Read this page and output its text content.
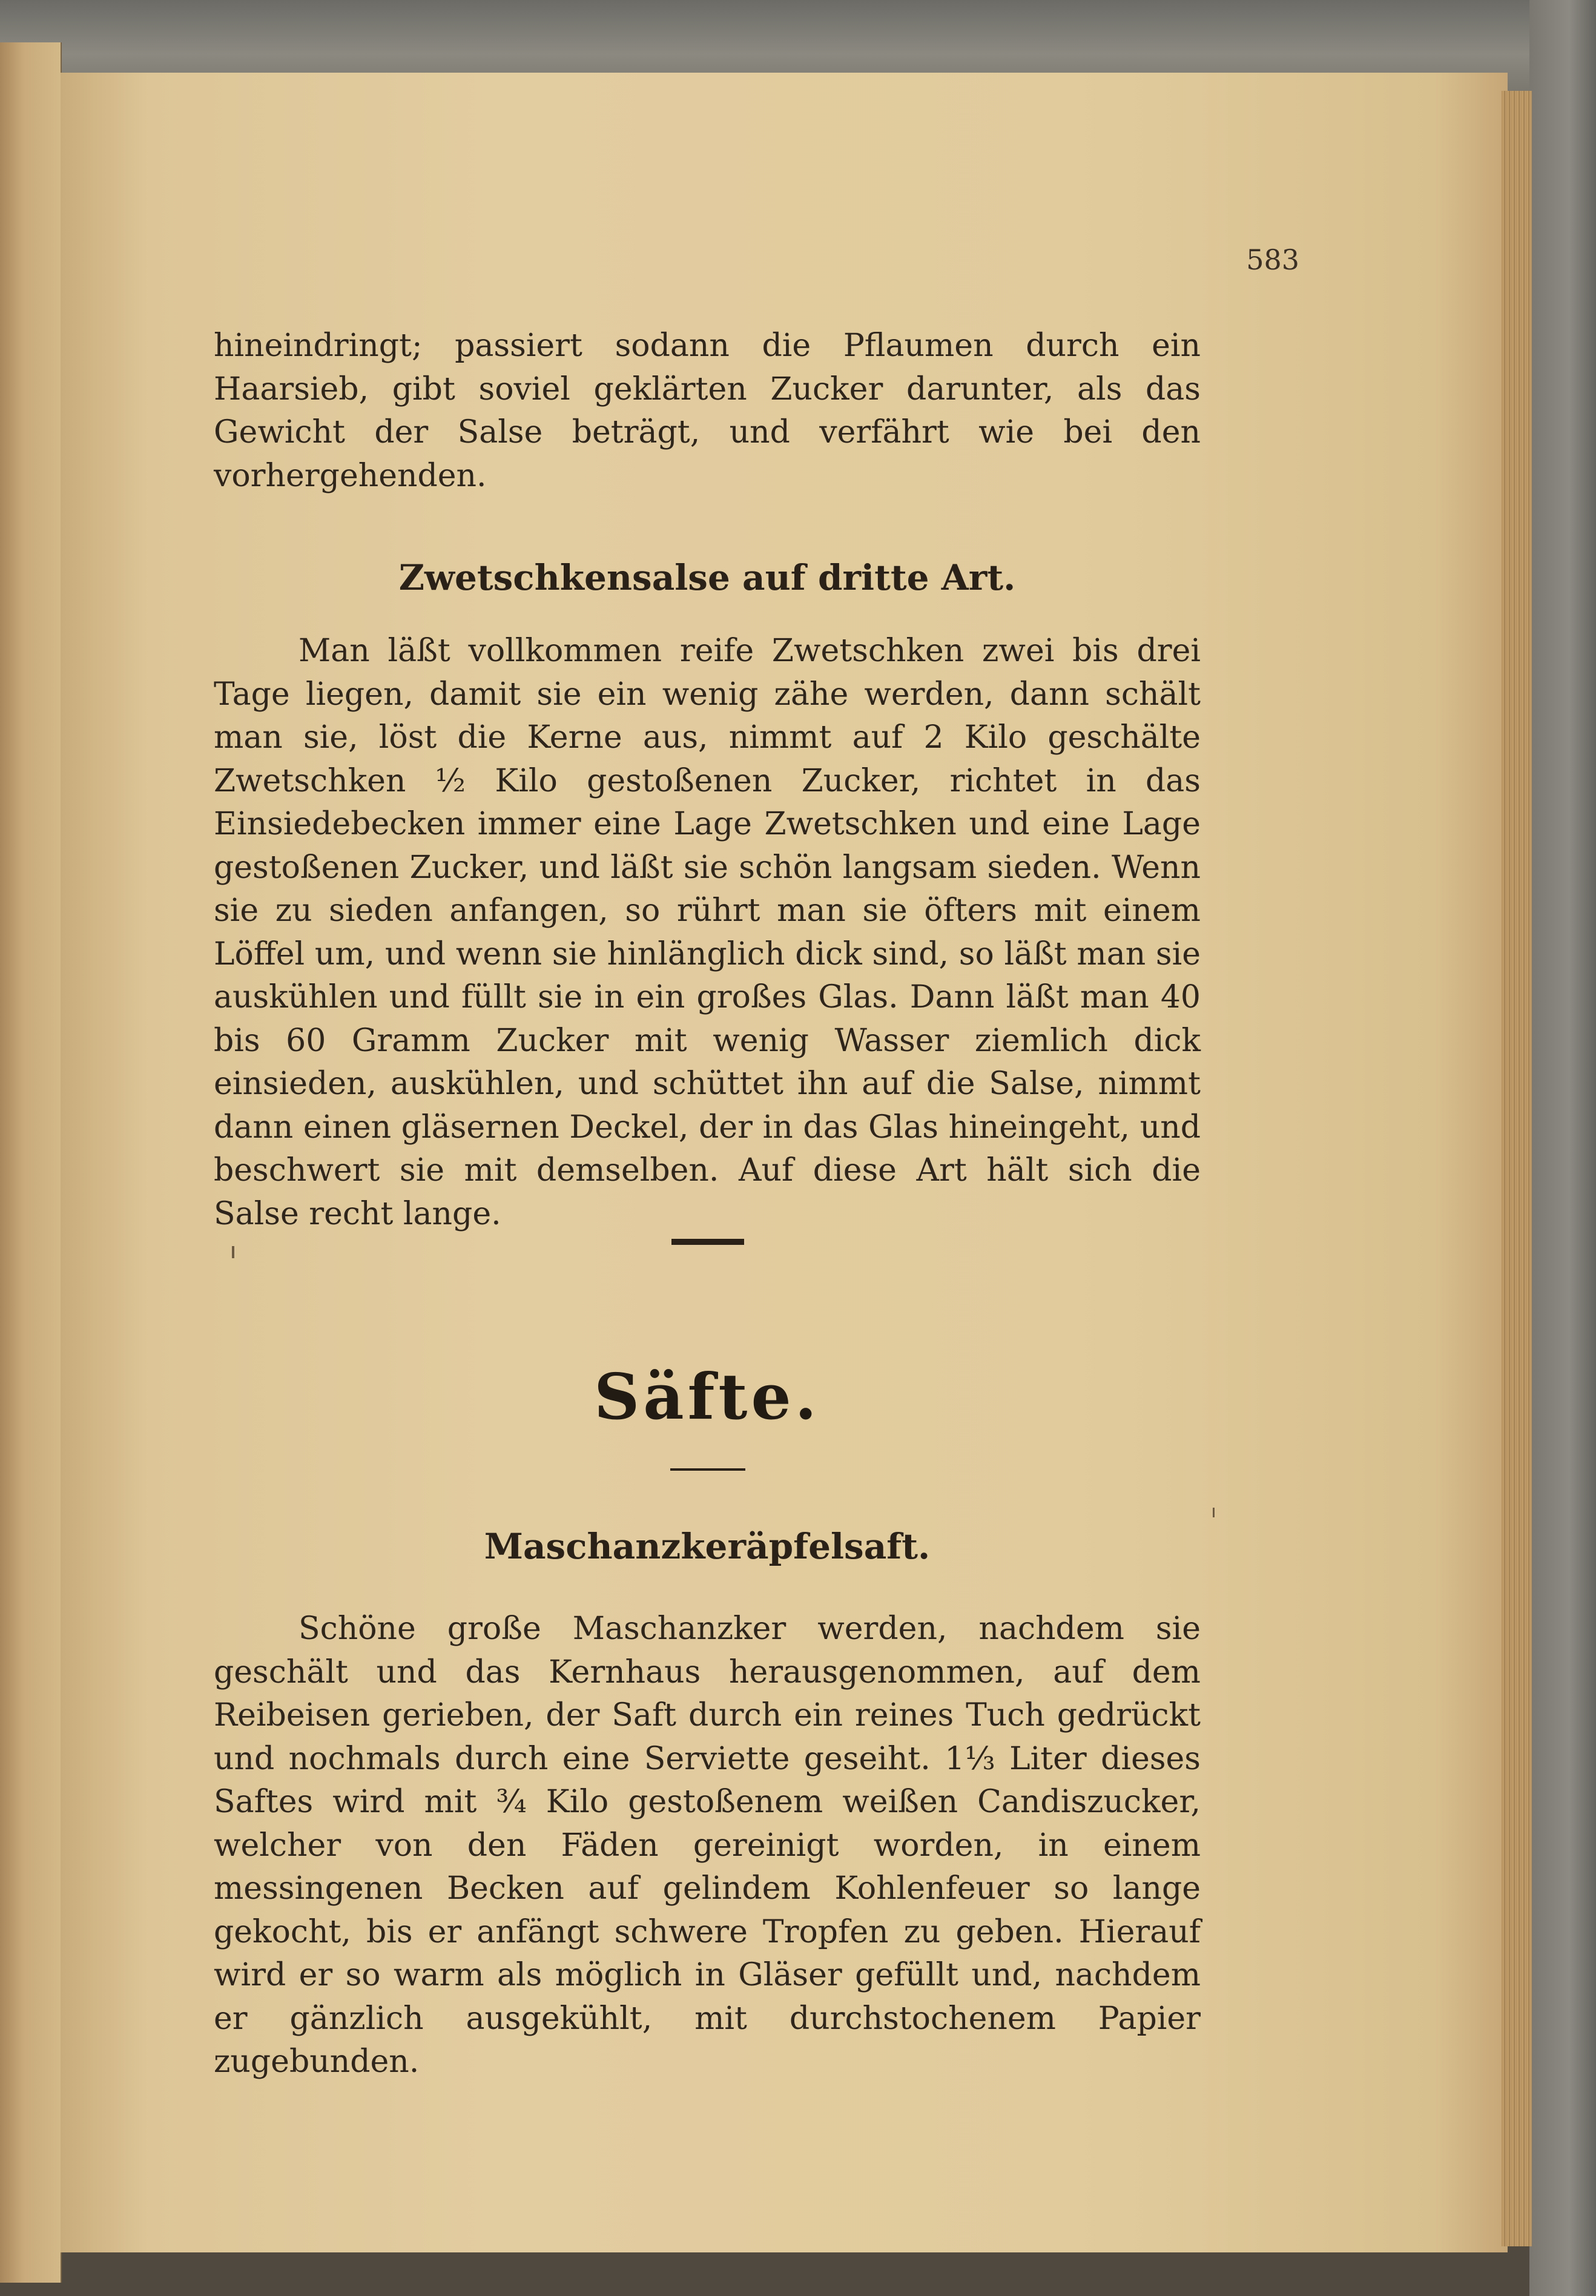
583
hineindringt; passiert sodann die Pflaumen durch ein Haarsieb, gibt soviel geklärten Zucker darunter, als das Gewicht der Salse beträgt, und verfährt wie bei den vorhergehenden.
Zwetschkensalse auf dritte Art.
Man läßt vollkommen reife Zwetschken zwei bis drei Tage liegen, damit sie ein wenig zähe werden, dann schält man sie, löst die Kerne aus, nimmt auf 2 Kilo geschälte Zwetschken ½ Kilo gestoßenen Zucker, richtet in das Einsiedebecken immer eine Lage Zwetschken und eine Lage gestoßenen Zucker, und läßt sie schön langsam sieden. Wenn sie zu sieden anfangen, so rührt man sie öfters mit einem Löffel um, und wenn sie hinlänglich dick sind, so läßt man sie auskühlen und füllt sie in ein großes Glas. Dann läßt man 40 bis 60 Gramm Zucker mit wenig Wasser ziemlich dick einsieden, auskühlen, und schüttet ihn auf die Salse, nimmt dann einen gläsernen Deckel, der in das Glas hineingeht, und beschwert sie mit demselben. Auf diese Art hält sich die Salse recht lange.
Säfte.
Maschanzkeräpfelsaft.
Schöne große Maschanzker werden, nachdem sie geschält und das Kernhaus herausgenommen, auf dem Reibeisen gerieben, der Saft durch ein reines Tuch gedrückt und nochmals durch eine Serviette geseiht. 1⅓ Liter dieses Saftes wird mit ¾ Kilo gestoßenem weißen Candiszucker, welcher von den Fäden gereinigt worden, in einem messingenen Becken auf gelindem Kohlenfeuer so lange gekocht, bis er anfängt schwere Tropfen zu geben. Hierauf wird er so warm als möglich in Gläser gefüllt und, nachdem er gänzlich ausgekühlt, mit durchstochenem Papier zugebunden.
